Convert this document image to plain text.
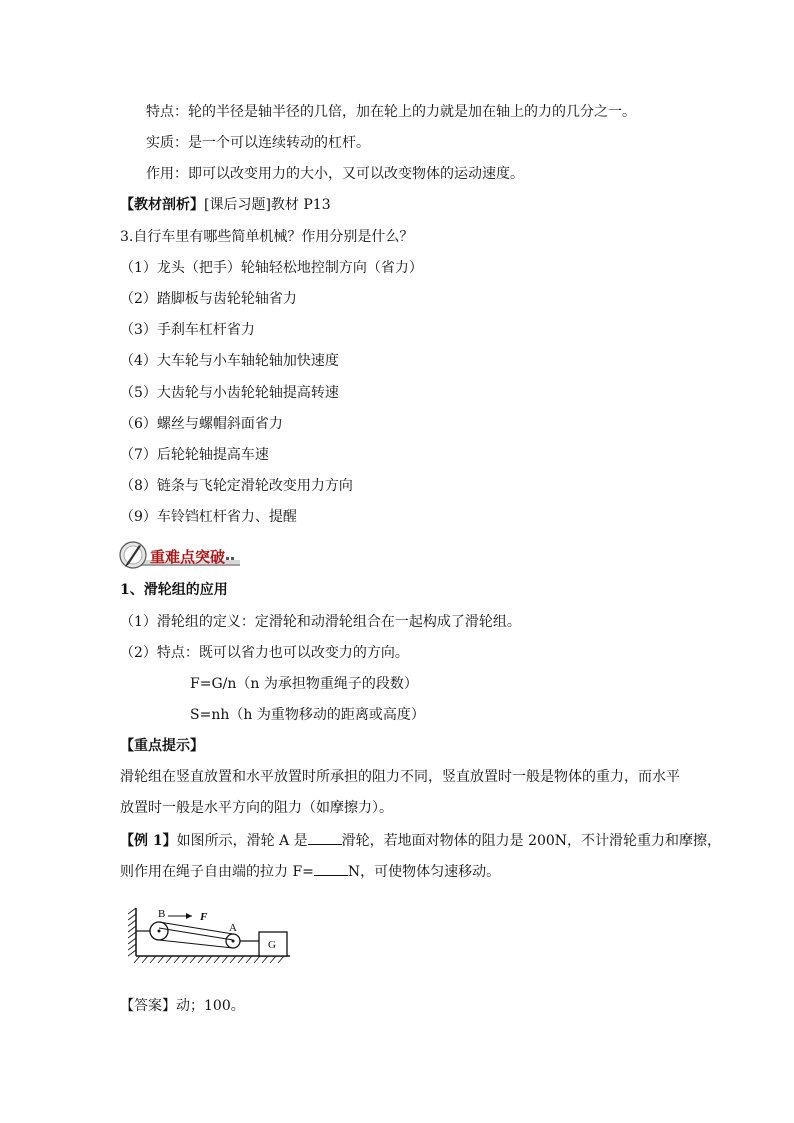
特点：轮的半径是轴半径的几倍，加在轮上的力就是加在轴上的力的几分之一。
实质：是一个可以连续转动的杠杆。
作用：即可以改变用力的大小，又可以改变物体的运动速度。
【教材剖析】[课后习题]教材 P13
3.自行车里有哪些简单机械？作用分别是什么？
（1）龙头（把手）轮轴轻松地控制方向（省力）
（2）踏脚板与齿轮轮轴省力
（3）手刹车杠杆省力
（4）大车轮与小车轴轮轴加快速度
（5）大齿轮与小齿轮轮轴提高转速
（6）螺丝与螺帽斜面省力
（7）后轮轮轴提高车速
（8）链条与飞轮定滑轮改变用力方向
（9）车铃铛杠杆省力、提醒
重难点突破
1、滑轮组的应用
（1）滑轮组的定义：定滑轮和动滑轮组合在一起构成了滑轮组。
（2）特点：既可以省力也可以改变力的方向。
F=G/n（n 为承担物重绳子的段数）
S=nh（h 为重物移动的距离或高度）
【重点提示】
滑轮组在竖直放置和水平放置时所承担的阻力不同，竖直放置时一般是物体的重力，而水平
放置时一般是水平方向的阻力（如摩擦力）。
【例 1】如图所示，滑轮 A 是 滑轮，若地面对物体的阻力是 200N，不计滑轮重力和摩擦，
则作用在绳子自由端的拉力 F= N，可使物体匀速移动。
B	F
A
G
【答案】动；100。
